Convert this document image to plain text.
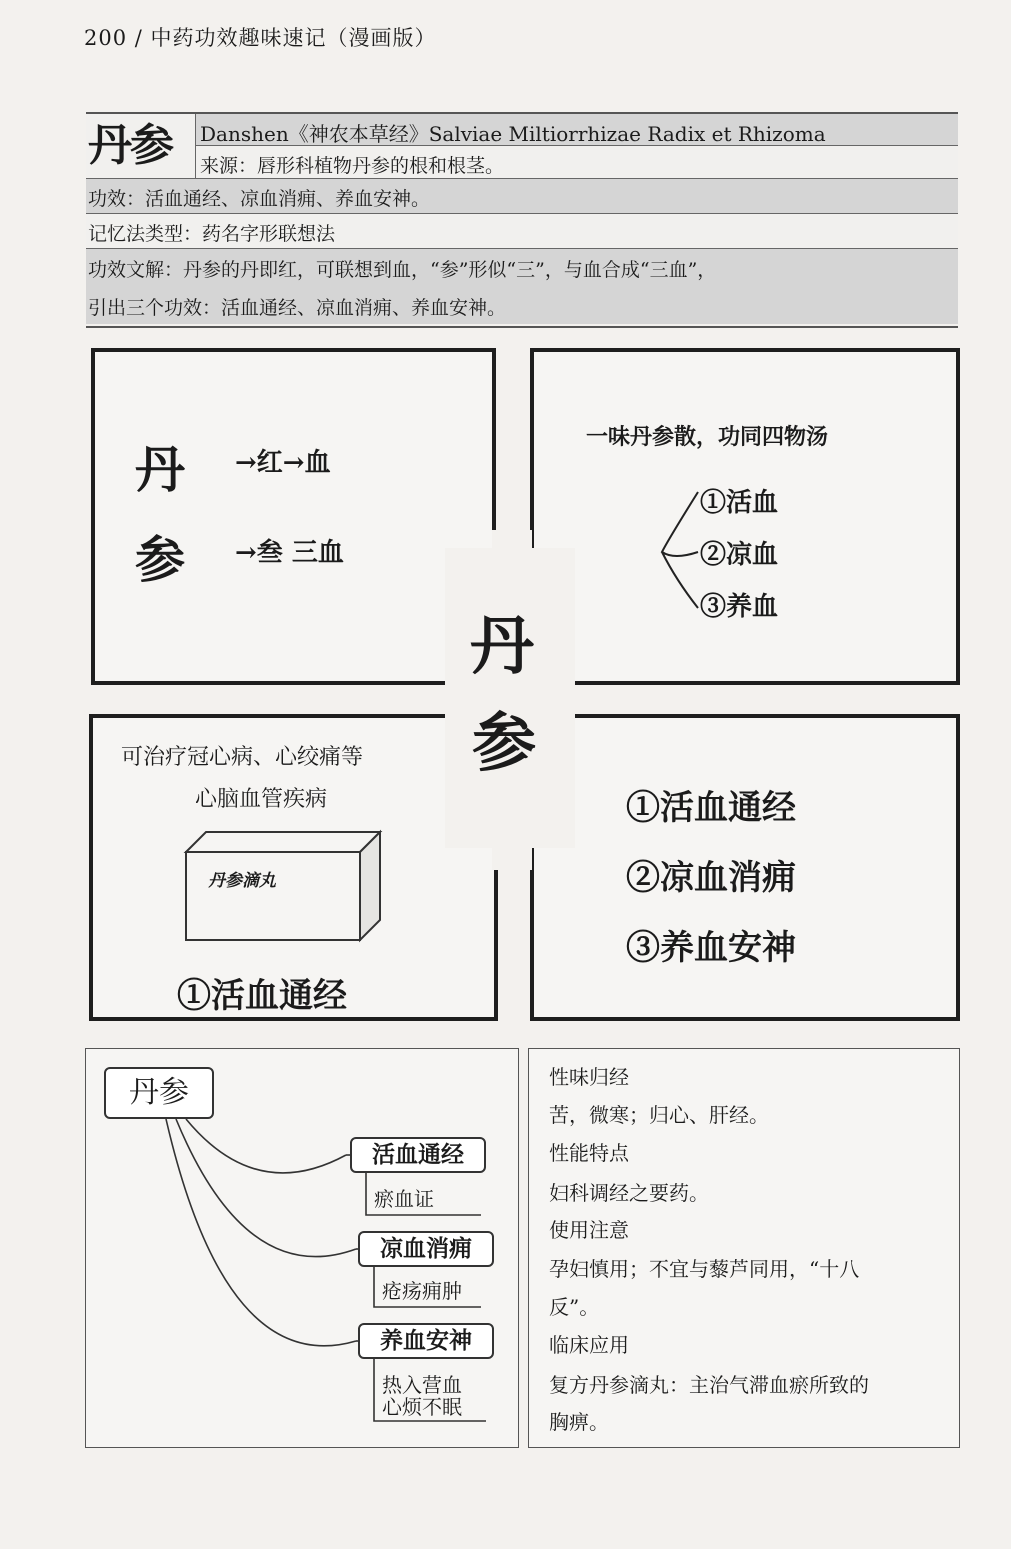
200 / 中药功效趣味速记（漫画版）
丹参	Danshen《神农本草经》Salviae Miltiorrhizae Radix et Rhizoma
来源：唇形科植物丹参的根和根茎。
功效：活血通经、凉血消痈、养血安神。
记忆法类型：药名字形联想法
功效文解：丹参的丹即红，可联想到血，“参”形似“三”，与血合成“三血”，
引出三个功效：活血通经、凉血消痈、养血安神。
丹 →红→血
参 →叁 三血
一味丹参散，功同四物汤
①活血
②凉血
③养血
可治疗冠心病、心绞痛等
心脑血管疾病
①活血通经
丹参滴丸
①活血通经
②凉血消痈
③养血安神
丹
参
丹参
活血通经
瘀血证
凉血消痈
疮疡痈肿
养血安神
热入营血
心烦不眠
性味归经
苦，微寒；归心、肝经。
性能特点
妇科调经之要药。
使用注意
孕妇慎用；不宜与藜芦同用，“十八
反”。
临床应用
复方丹参滴丸：主治气滞血瘀所致的
胸痹。
